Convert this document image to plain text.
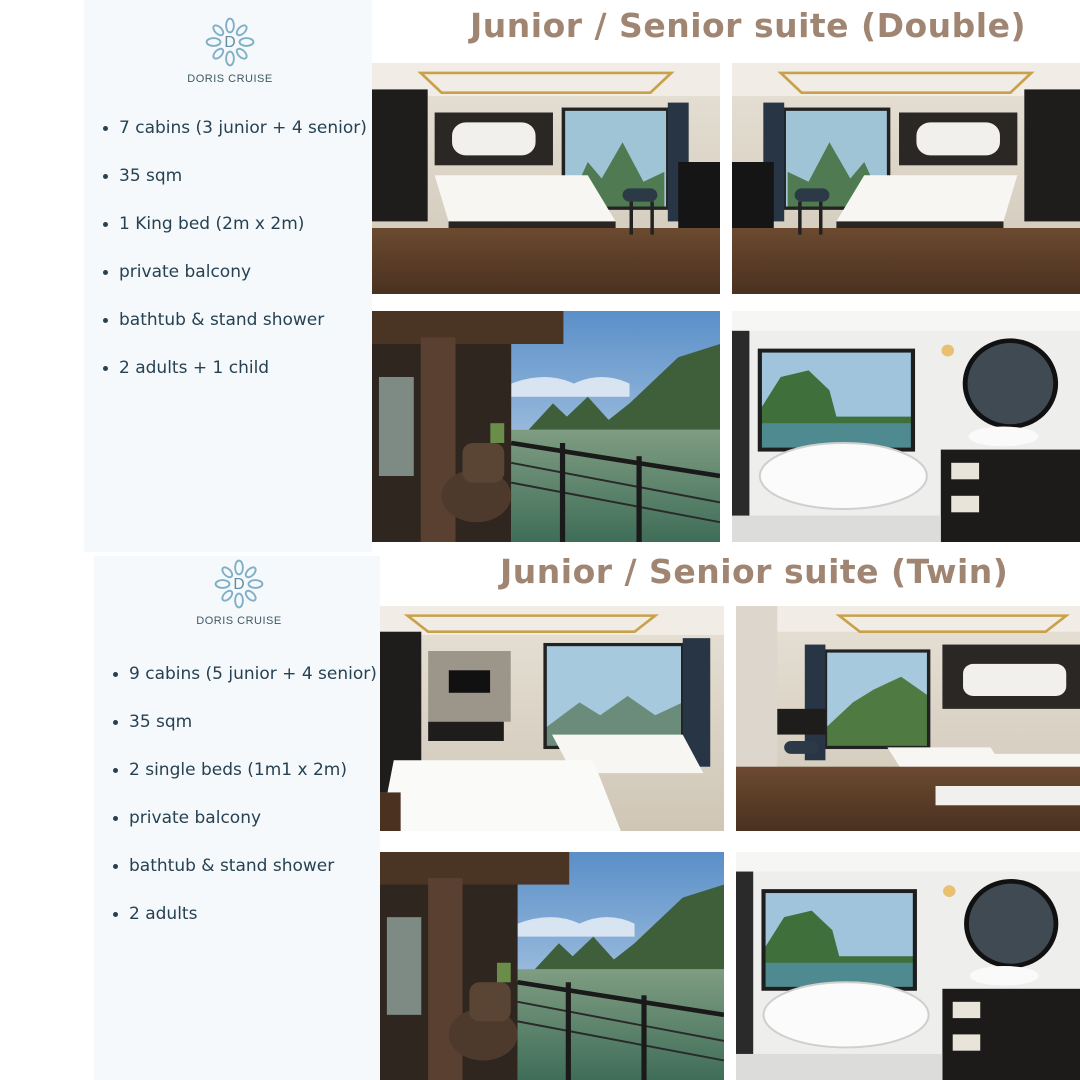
D
DORIS CRUISE
Junior / Senior suite (Double)
7 cabins (3 junior + 4 senior)
35 sqm
1 King bed (2m x 2m)
private balcony
bathtub & stand shower
2 adults + 1 child
D
DORIS CRUISE
Junior / Senior suite (Twin)
9 cabins (5 junior + 4 senior)
35 sqm
2 single beds (1m1 x 2m)
private balcony
bathtub & stand shower
2 adults
